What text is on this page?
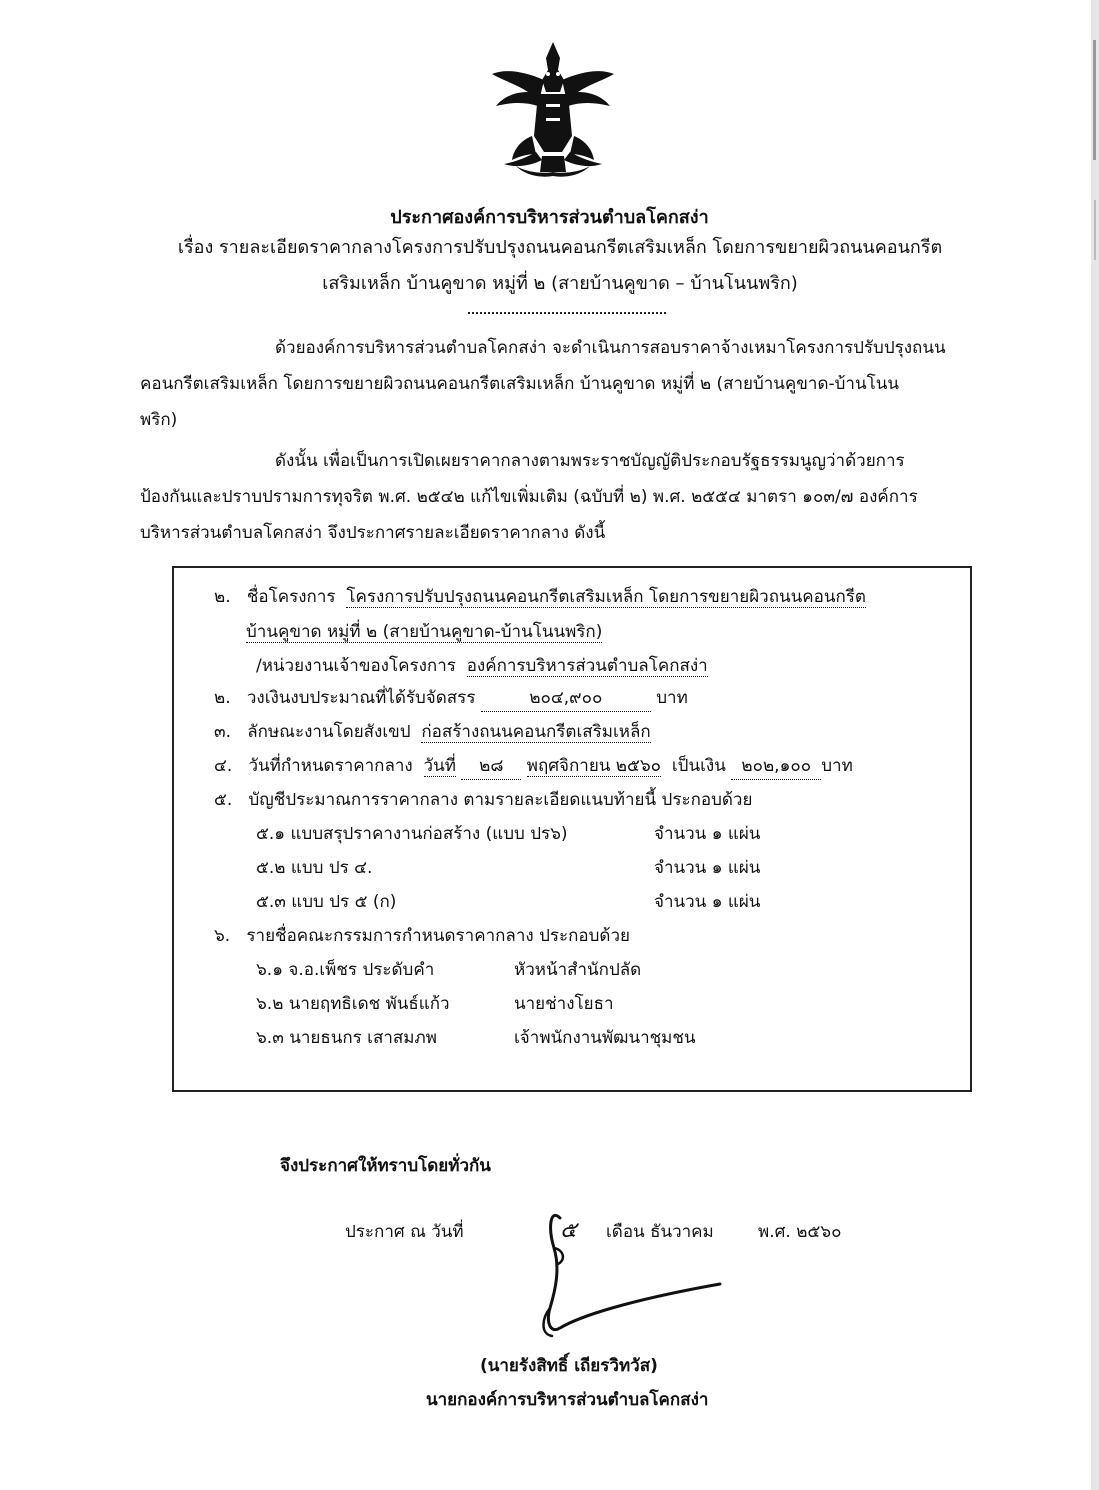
ประกาศองค์การบริหารส่วนตำบลโคกสง่า
เรื่อง รายละเอียดราคากลางโครงการปรับปรุงถนนคอนกรีตเสริมเหล็ก โดยการขยายผิวถนนคอนกรีต
เสริมเหล็ก บ้านคูขาด หมู่ที่ ๒ (สายบ้านคูขาด – บ้านโนนพริก)
ด้วยองค์การบริหารส่วนตำบลโคกสง่า จะดำเนินการสอบราคาจ้างเหมาโครงการปรับปรุงถนน
คอนกรีตเสริมเหล็ก โดยการขยายผิวถนนคอนกรีตเสริมเหล็ก บ้านคูขาด หมู่ที่ ๒ (สายบ้านคูขาด-บ้านโนน
พริก)
ดังนั้น เพื่อเป็นการเปิดเผยราคากลางตามพระราชบัญญัติประกอบรัฐธรรมนูญว่าด้วยการ
ป้องกันและปราบปรามการทุจริต พ.ศ. ๒๕๔๒ แก้ไขเพิ่มเติม (ฉบับที่ ๒) พ.ศ. ๒๕๕๔ มาตรา ๑๐๓/๗ องค์การ
บริหารส่วนตำบลโคกสง่า จึงประกาศรายละเอียดราคากลาง ดังนี้
๒. ชื่อโครงการ โครงการปรับปรุงถนนคอนกรีตเสริมเหล็ก โดยการขยายผิวถนนคอนกรีต
บ้านคูขาด หมู่ที่ ๒ (สายบ้านคูขาด-บ้านโนนพริก)
/หน่วยงานเจ้าของโครงการ องค์การบริหารส่วนตำบลโคกสง่า
๒. วงเงินงบประมาณที่ได้รับจัดสรร	๒๐๔,๙๐๐	บาท
๓. ลักษณะงานโดยสังเขป ก่อสร้างถนนคอนกรีตเสริมเหล็ก
๔. วันที่กำหนดราคากลาง วันที่ ๒๘ พฤศจิกายน ๒๕๖๐ เป็นเงิน ๒๐๒,๑๐๐ บาท
๕. บัญชีประมาณการราคากลาง ตามรายละเอียดแนบท้ายนี้ ประกอบด้วย
๕.๑ แบบสรุปราคางานก่อสร้าง (แบบ ปร๖)	จำนวน ๑ แผ่น
๕.๒ แบบ ปร ๔.	จำนวน ๑ แผ่น
๕.๓ แบบ ปร ๕ (ก)	จำนวน ๑ แผ่น
๖. รายชื่อคณะกรรมการกำหนดราคากลาง ประกอบด้วย
๖.๑ จ.อ.เพ็ชร ประดับคำ	หัวหน้าสำนักปลัด
๖.๒ นายฤทธิเดช พันธ์แก้ว	นายช่างโยธา
๖.๓ นายธนกร เสาสมภพ	เจ้าพนักงานพัฒนาชุมชน
จึงประกาศให้ทราบโดยทั่วกัน
ประกาศ ณ วันที่	๕ เดือน ธันวาคม	พ.ศ. ๒๕๖๐
(นายรังสิทธิ์ เถียรวิทวัส)
นายกองค์การบริหารส่วนตำบลโคกสง่า
